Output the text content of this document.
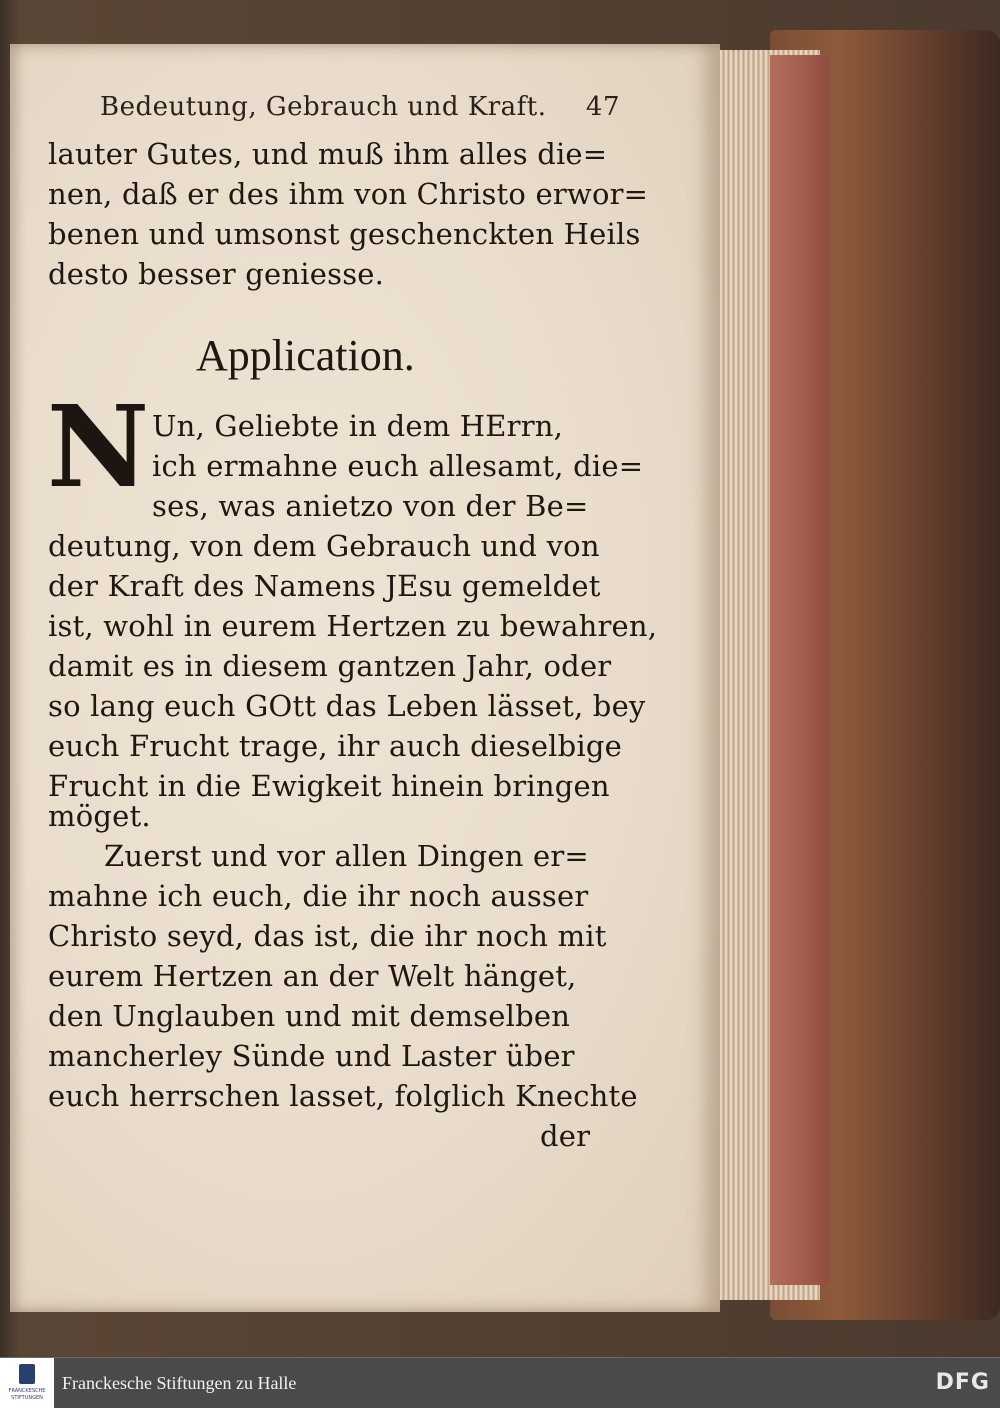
Bedeutung, Gebrauch und Kraft. 47
lauter Gutes, und muß ihm alles die=
nen, daß er des ihm von Christo erwor=
benen und umsonst geschenckten Heils
desto besser geniesse.
Application.
N Un, Geliebte in dem HErrn,
ich ermahne euch allesamt, die=
ses, was anietzo von der Be=
deutung, von dem Gebrauch und von
der Kraft des Namens JEsu gemeldet
ist, wohl in eurem Hertzen zu bewahren,
damit es in diesem gantzen Jahr, oder
so lang euch GOtt das Leben lässet, bey
euch Frucht trage, ihr auch dieselbige
Frucht in die Ewigkeit hinein bringen
möget.
Zuerst und vor allen Dingen er=
mahne ich euch, die ihr noch ausser
Christo seyd, das ist, die ihr noch mit
eurem Hertzen an der Welt hänget,
den Unglauben und mit demselben
mancherley Sünde und Laster über
euch herrschen lasset, folglich Knechte
der
FRANCKESCHE STIFTUNGEN
Franckesche Stiftungen zu Halle	DFG
